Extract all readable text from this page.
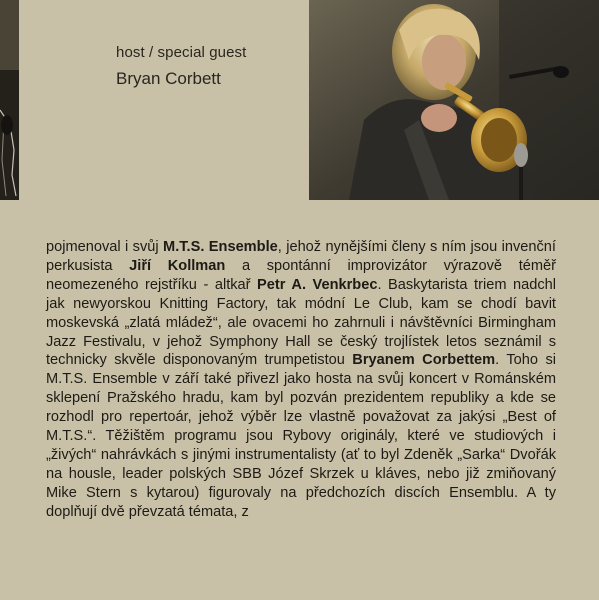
host / special guest
Bryan Corbett

pojmenoval i svůj M.T.S. Ensemble, jehož nynějšími členy s ním jsou invenční perkusista Jiří Kollman a spontánní improvizátor výrazově téměř neomezeného rejstříku - altkař Petr A. Venkrbec. Baskytarista triem nadchl jak newyorskou Knitting Factory, tak módní Le Club, kam se chodí bavit moskevská „zlatá mládež“, ale ovacemi ho zahrnuli i návštěvníci Birmingham Jazz Festivalu, v jehož Symphony Hall se český trojlístek letos seznámil s technicky skvěle disponovaným trumpetistou Bryanem Corbettem. Toho si M.T.S. Ensemble v září také přivezl jako hosta na svůj koncert v Románském sklepení Pražského hradu, kam byl pozván prezidentem republiky a kde se rozhodl pro repertoár, jehož výběr lze vlastně považovat za jakýsi „Best of M.T.S.“. Těžištěm programu jsou Rybovy originály, které ve studiových i „živých“ nahrávkách s jinými instrumentalisty (ať to byl Zdeněk „Sarka“ Dvořák na housle, leader polských SBB Józef Skrzek u kláves, nebo již zmiňovaný Mike Stern s kytarou) figurovaly na předchozích discích Ensemblu. A ty doplňují dvě převzatá témata, z
